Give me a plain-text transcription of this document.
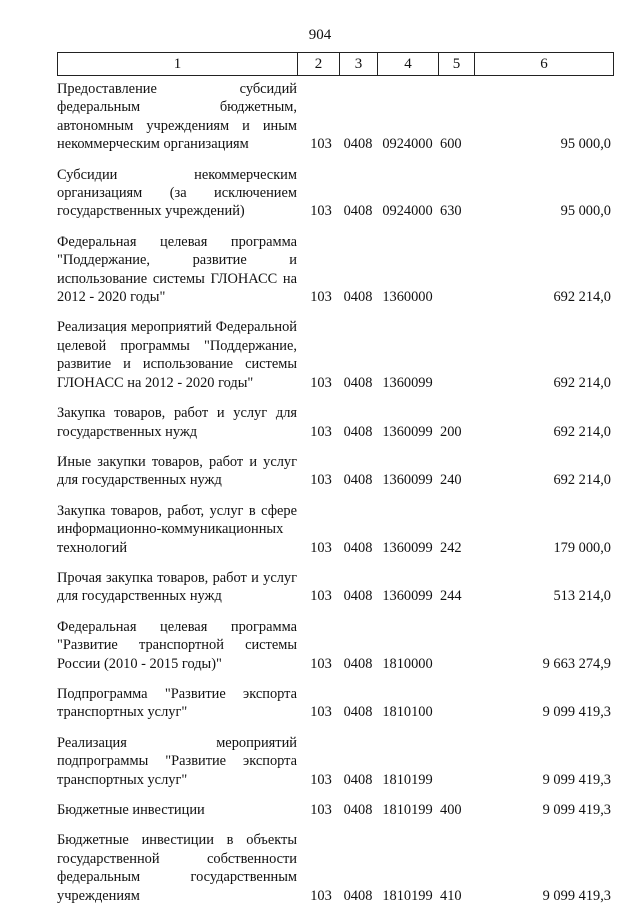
904
1	2	3	4	5	6
Предоставление субсидий федеральным бюджетным, автономным учреждениям и иным некоммерческим организациям	103 0408 0924000 600	95 000,0
Субсидии некоммерческим организациям (за исключением государственных учреждений)	103 0408 0924000 630	95 000,0
Федеральная целевая программа "Поддержание, развитие и использование системы ГЛОНАСС на 2012 - 2020 годы"	103 0408 1360000	692 214,0
Реализация мероприятий Федеральной целевой программы "Поддержание, развитие и использование системы ГЛОНАСС на 2012 - 2020 годы"	103 0408 1360099	692 214,0
Закупка товаров, работ и услуг для государственных нужд	103 0408 1360099 200	692 214,0
Иные закупки товаров, работ и услуг для государственных нужд	103 0408 1360099 240	692 214,0
Закупка товаров, работ, услуг в сфере информационно-коммуникационных технологий	103 0408 1360099 242	179 000,0
Прочая закупка товаров, работ и услуг для государственных нужд	103 0408 1360099 244	513 214,0
Федеральная целевая программа "Развитие транспортной системы России (2010 - 2015 годы)"	103 0408 1810000	9 663 274,9
Подпрограмма "Развитие экспорта транспортных услуг"	103 0408 1810100	9 099 419,3
Реализация мероприятий подпрограммы "Развитие экспорта транспортных услуг"	103 0408 1810199	9 099 419,3
Бюджетные инвестиции	103 0408 1810199 400	9 099 419,3
Бюджетные инвестиции в объекты государственной собственности федеральным государственным учреждениям	103 0408 1810199 410	9 099 419,3
